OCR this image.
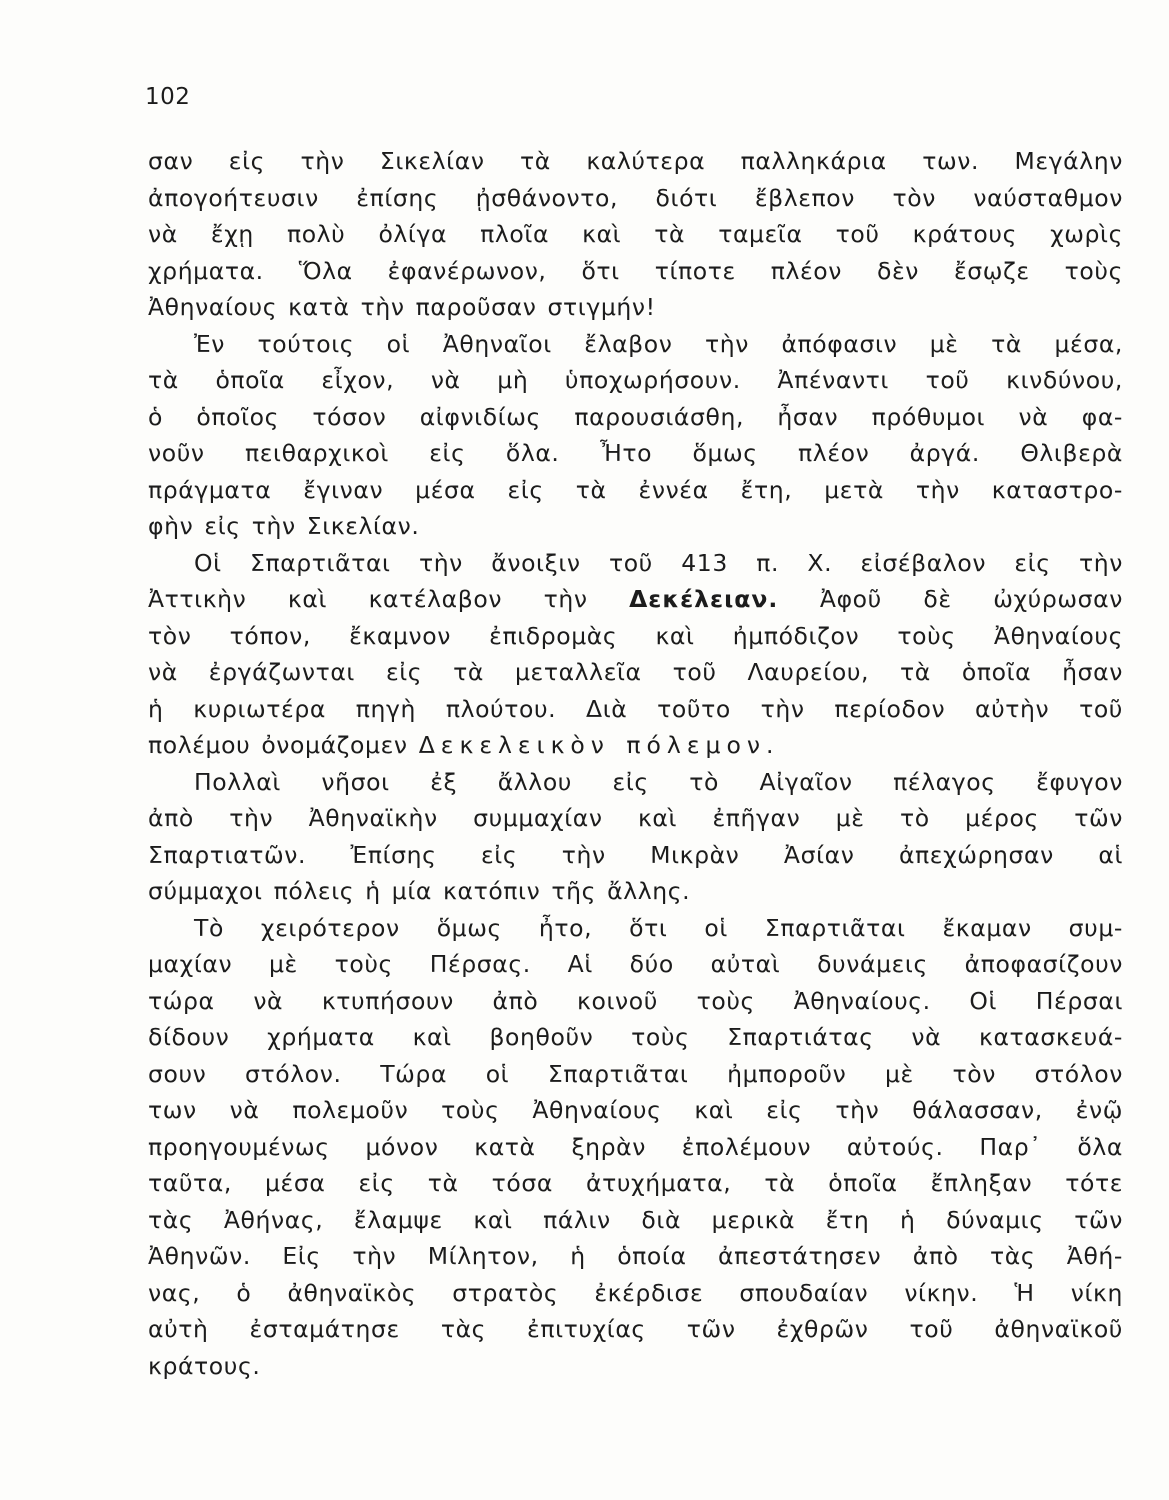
102
σαν εἰς τὴν Σικελίαν τὰ καλύτερα παλληκάρια των. Μεγάλην
ἀπογοήτευσιν ἐπίσης ᾐσθάνοντο, διότι ἔβλεπον τὸν ναύσταθμον
νὰ ἔχῃ πολὺ ὀλίγα πλοῖα καὶ τὰ ταμεῖα τοῦ κράτους χωρὶς
χρήματα. Ὅλα ἐφανέρωνον, ὅτι τίποτε πλέον δὲν ἔσῳζε τοὺς
Ἀθηναίους κατὰ τὴν παροῦσαν στιγμήν!
Ἐν τούτοις οἱ Ἀθηναῖοι ἔλαβον τὴν ἀπόφασιν μὲ τὰ μέσα,
τὰ ὁποῖα εἶχον, νὰ μὴ ὑποχωρήσουν. Ἀπέναντι τοῦ κινδύνου,
ὁ ὁποῖος τόσον αἰφνιδίως παρουσιάσθη, ἦσαν πρόθυμοι νὰ φα-
νοῦν πειθαρχικοὶ εἰς ὅλα. Ἦτο ὅμως πλέον ἀργά. Θλιβερὰ
πράγματα ἔγιναν μέσα εἰς τὰ ἐννέα ἔτη, μετὰ τὴν καταστρο-
φὴν εἰς τὴν Σικελίαν.
Οἱ Σπαρτιᾶται τὴν ἄνοιξιν τοῦ 413 π. Χ. εἰσέβαλον εἰς τὴν
Ἀττικὴν καὶ κατέλαβον τὴν Δεκέλειαν. Ἀφοῦ δὲ ὠχύρωσαν
τὸν τόπον, ἔκαμνον ἐπιδρομὰς καὶ ἠμπόδιζον τοὺς Ἀθηναίους
νὰ ἐργάζωνται εἰς τὰ μεταλλεῖα τοῦ Λαυρείου, τὰ ὁποῖα ἦσαν
ἡ κυριωτέρα πηγὴ πλούτου. Διὰ τοῦτο τὴν περίοδον αὐτὴν τοῦ
πολέμου ὀνομάζομεν Δεκελεικὸν πόλεμον.
Πολλαὶ νῆσοι ἐξ ἄλλου εἰς τὸ Αἰγαῖον πέλαγος ἔφυγον
ἀπὸ τὴν Ἀθηναϊκὴν συμμαχίαν καὶ ἐπῆγαν μὲ τὸ μέρος τῶν
Σπαρτιατῶν. Ἐπίσης εἰς τὴν Μικρὰν Ἀσίαν ἀπεχώρησαν αἱ
σύμμαχοι πόλεις ἡ μία κατόπιν τῆς ἄλλης.
Τὸ χειρότερον ὅμως ἦτο, ὅτι οἱ Σπαρτιᾶται ἔκαμαν συμ-
μαχίαν μὲ τοὺς Πέρσας. Αἱ δύο αὐταὶ δυνάμεις ἀποφασίζουν
τώρα νὰ κτυπήσουν ἀπὸ κοινοῦ τοὺς Ἀθηναίους. Οἱ Πέρσαι
δίδουν χρήματα καὶ βοηθοῦν τοὺς Σπαρτιάτας νὰ κατασκευά-
σουν στόλον. Τώρα οἱ Σπαρτιᾶται ἠμποροῦν μὲ τὸν στόλον
των νὰ πολεμοῦν τοὺς Ἀθηναίους καὶ εἰς τὴν θάλασσαν, ἐνῷ
προηγουμένως μόνον κατὰ ξηρὰν ἐπολέμουν αὐτούς. Παρ᾽ ὅλα
ταῦτα, μέσα εἰς τὰ τόσα ἀτυχήματα, τὰ ὁποῖα ἔπληξαν τότε
τὰς Ἀθήνας, ἔλαμψε καὶ πάλιν διὰ μερικὰ ἔτη ἡ δύναμις τῶν
Ἀθηνῶν. Εἰς τὴν Μίλητον, ἡ ὁποία ἀπεστάτησεν ἀπὸ τὰς Ἀθή-
νας, ὁ ἀθηναϊκὸς στρατὸς ἐκέρδισε σπουδαίαν νίκην. Ἡ νίκη
αὐτὴ ἐσταμάτησε τὰς ἐπιτυχίας τῶν ἐχθρῶν τοῦ ἀθηναϊκοῦ
κράτους.
